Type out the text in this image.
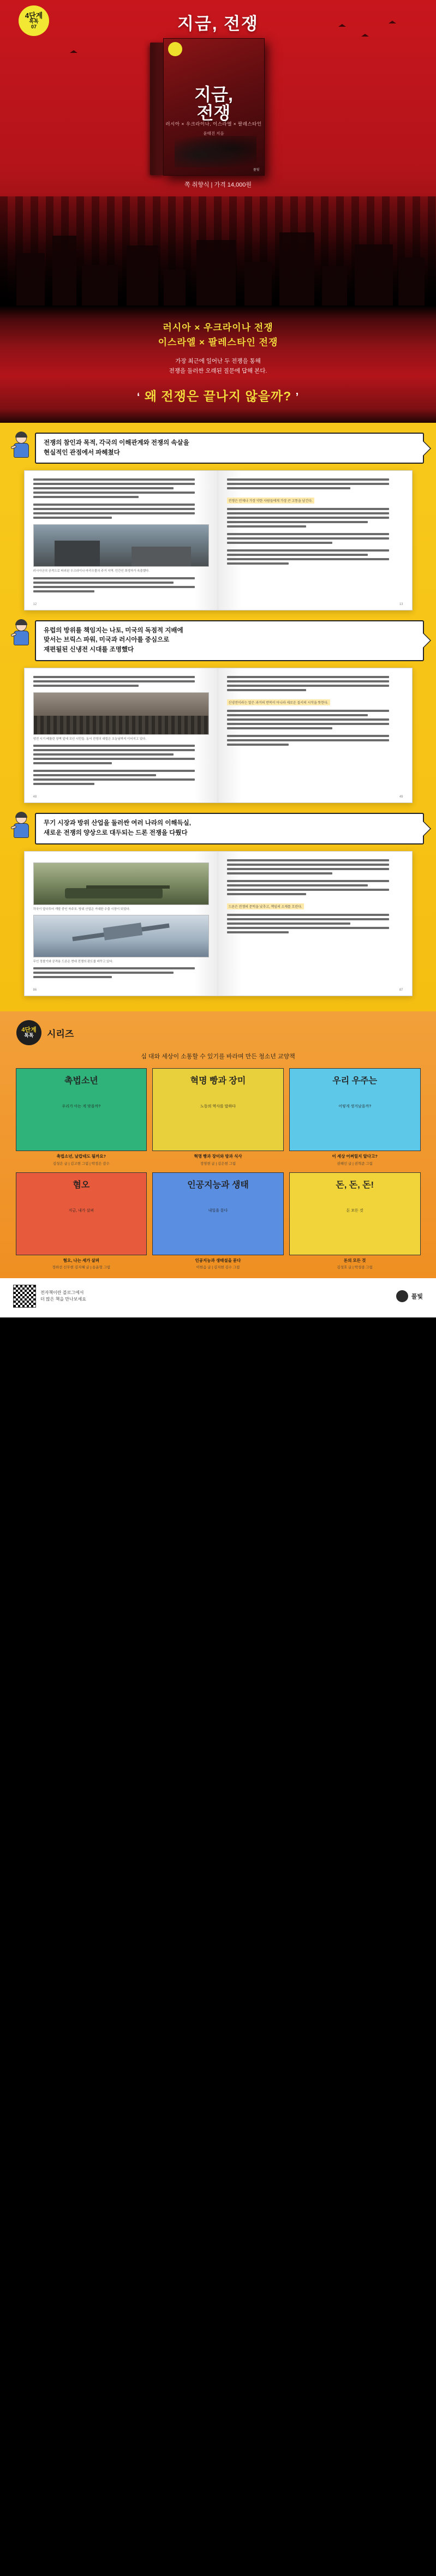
4단계
톡톡
07	지금, 전쟁
지금,
전쟁
러시아 × 우크라이나, 이스라엘 × 팔레스타인
윤태진 지음
풀빛
쪽 취향식 | 가격 14,000원
러시아 × 우크라이나 전쟁
이스라엘 × 팔레스타인 전쟁
가장 최근에 일어난 두 전쟁을 통해
전쟁을 둘러싼 오래된 질문에 답해 본다.
‘ 왜 전쟁은 끝나지 않을까? ’
전쟁의 참인과 목적, 각국의 이해관계와 전쟁의 속살을
현실적인 관점에서 파헤쳤다
러시아군의 공격으로 파괴된 우크라이나 마리우폴의 주거 지역. 민간인 희생자가 속출했다.
12
전쟁은 언제나 가장 약한 사람들에게 가장 큰 고통을 남긴다.
13
유럽의 방위를 책임지는 나토, 미국의 독점적 지배에
맞서는 브릭스 파워, 미국과 러시아를 중심으로
재편될된 신냉전 시대를 조명했다
냉전 시기 베를린 장벽 앞에 모인 시민들. 동서 진영의 대립은 오늘날까지 이어지고 있다.
48
신냉전이라는 말은 과거의 반복이 아니라 새로운 질서의 시작을 뜻한다.
49
무기 시장과 방위 산업을 둘러싼 여러 나라의 이해득실,
새로운 전쟁의 양상으로 대두되는 드론 전쟁을 다뤘다
각국이 앞다투어 개발 중인 자주포. 방위 산업은 거대한 수출 시장이 되었다.
무인 정찰기와 공격용 드론은 현대 전쟁의 판도를 바꾸고 있다.
86
드론은 전쟁의 문턱을 낮추고, 책임의 소재를 흐린다.
87
4단계
톡톡 시리즈
십 대와 세상이 소통할 수 있기를 바라며 만든 청소년 교양책
촉법소년
우리가 아는 게 맞을까?
촉법소년, 날캅데도 될까요?
김성은 글 | 김고현 그림 | 박정은 감수
혁명 빵과 장미
노동의 역사를 말하다
혁명 빵과 장미와 방과 식사
정영현 글 | 김은현 그림
우리 우주는
어떻게 생겨났을까?
이 세상 어쩌릴지 알다고?
권해인 글 | 권혁준 그림
혐오
지금, 내가 살펴
혐오, 나는 세가 살펴
정하선 신무현 김지혜 글 | 송윤형 그림
인공지능과 생태
내일을 묻다
인공지능과 생태설을 묻다
이한음 글 | 김지현 김수 그림
돈, 돈, 돈!
돈 모든 것
돈의 모든 것
김성호 글 | 박성종 그림
전자책이란 블로그에서
더 많은 책을 만나보세요	풀빛
